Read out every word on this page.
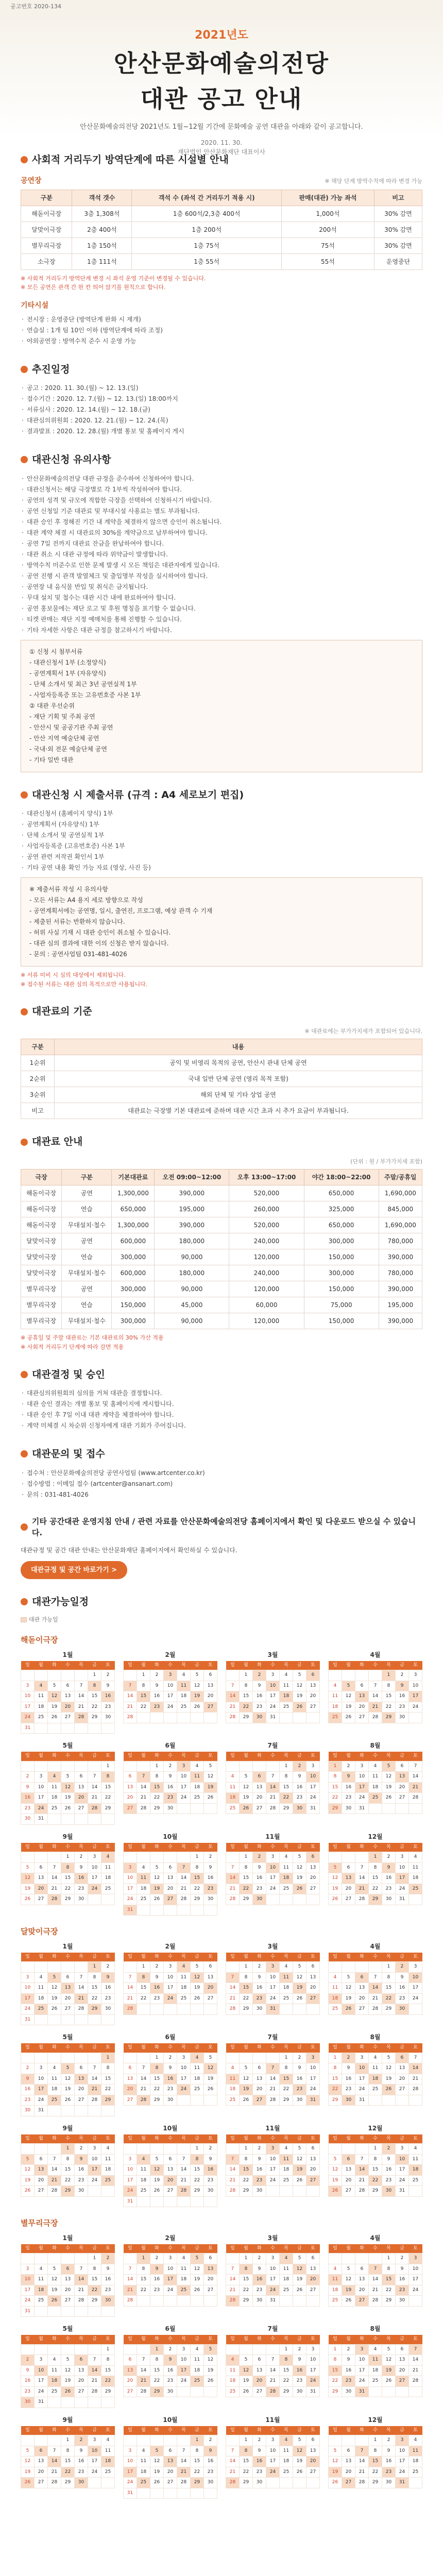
공고번호 2020-134
2021년도
안산문화예술의전당
대관 공고 안내
안산문화예술의전당 2021년도 1월~12월 기간에 문화예술 공연 대관을 아래와 같이 공고합니다.
2020. 11. 30.
재단법인 안산문화재단 대표이사
사회적 거리두기 방역단계에 따른 시설별 안내
공연장	※ 해당 단계 방역수칙에 따라 변경 가능
구분	객석 갯수	객석 수 (좌석 간 거리두기 적용 시)	판매(대관) 가능 좌석	비고
해돋이극장	3층 1,308석	1층 600석/2,3층 400석	1,000석	30% 감면
달맞이극장	2층 400석	1층 200석	200석	30% 감면
별무리극장	1층 150석	1층 75석	75석	30% 감면
소극장	1층 111석	1층 55석	55석	운영중단
※ 사회적 거리두기 방역단계 변경 시 좌석 운영 기준이 변경될 수 있습니다.
※ 모든 공연은 관객 간 한 칸 띄어 앉기를 원칙으로 합니다.
기타시설
· 전시장 : 운영중단 (방역단계 완화 시 재개)
· 연습실 : 1개 팀 10인 이하 (방역단계에 따라 조정)
· 야외공연장 : 방역수칙 준수 시 운영 가능
추진일정
· 공고 : 2020. 11. 30.(월) ~ 12. 13.(일)
· 접수기간 : 2020. 12. 7.(월) ~ 12. 13.(일) 18:00까지
· 서류심사 : 2020. 12. 14.(월) ~ 12. 18.(금)
· 대관심의위원회 : 2020. 12. 21.(월) ~ 12. 24.(목)
· 결과발표 : 2020. 12. 28.(월) 개별 통보 및 홈페이지 게시
대관신청 유의사항
· 안산문화예술의전당 대관 규정을 준수하여 신청하여야 합니다.
· 대관신청서는 해당 극장별로 각 1부씩 작성하여야 합니다.
· 공연의 성격 및 규모에 적합한 극장을 선택하여 신청하시기 바랍니다.
· 공연 신청일 기준 대관료 및 부대시설 사용료는 별도 부과됩니다.
· 대관 승인 후 정해진 기간 내 계약을 체결하지 않으면 승인이 취소됩니다.
· 대관 계약 체결 시 대관료의 30%를 계약금으로 납부하여야 합니다.
· 공연 7일 전까지 대관료 잔금을 완납하여야 합니다.
· 대관 취소 시 대관 규정에 따라 위약금이 발생합니다.
· 방역수칙 미준수로 인한 문제 발생 시 모든 책임은 대관자에게 있습니다.
· 공연 진행 시 관객 발열체크 및 출입명부 작성을 실시하여야 합니다.
· 공연장 내 음식물 반입 및 취식은 금지됩니다.
· 무대 설치 및 철수는 대관 시간 내에 완료하여야 합니다.
· 공연 홍보물에는 재단 로고 및 후원 명칭을 표기할 수 없습니다.
· 티켓 판매는 재단 지정 예매처를 통해 진행할 수 있습니다.
· 기타 자세한 사항은 대관 규정을 참고하시기 바랍니다.
① 신청 시 첨부서류
- 대관신청서 1부 (소정양식)
- 공연계획서 1부 (자유양식)
- 단체 소개서 및 최근 3년 공연실적 1부
- 사업자등록증 또는 고유번호증 사본 1부
② 대관 우선순위
- 재단 기획 및 주최 공연
- 안산시 및 공공기관 주최 공연
- 안산 지역 예술단체 공연
- 국내·외 전문 예술단체 공연
- 기타 일반 대관
대관신청 시 제출서류 (규격 : A4 세로보기 편집)
· 대관신청서 (홈페이지 양식) 1부
· 공연계획서 (자유양식) 1부
· 단체 소개서 및 공연실적 1부
· 사업자등록증 (고유번호증) 사본 1부
· 공연 관련 저작권 확인서 1부
· 기타 공연 내용 확인 가능 자료 (영상, 사진 등)
※ 제출서류 작성 시 유의사항
- 모든 서류는 A4 용지 세로 방향으로 작성
- 공연계획서에는 공연명, 일시, 출연진, 프로그램, 예상 관객 수 기재
- 제출된 서류는 반환하지 않습니다.
- 허위 사실 기재 시 대관 승인이 취소될 수 있습니다.
- 대관 심의 결과에 대한 이의 신청은 받지 않습니다.
- 문의 : 공연사업팀 031-481-4026
※ 서류 미비 시 심의 대상에서 제외됩니다.
※ 접수된 서류는 대관 심의 목적으로만 사용됩니다.
대관료의 기준
※ 대관료에는 부가가치세가 포함되어 있습니다.
구분	내용
1순위	공익 및 비영리 목적의 공연, 안산시 관내 단체 공연
2순위	국내 일반 단체 공연 (영리 목적 포함)
3순위	해외 단체 및 기타 상업 공연
비고	대관료는 극장별 기본 대관료에 준하며 대관 시간 초과 시 추가 요금이 부과됩니다.
대관료 안내
(단위 : 원 / 부가가치세 포함)
극장	구분	기본대관료	오전 09:00~12:00	오후 13:00~17:00	야간 18:00~22:00	주말/공휴일
해돋이극장	공연	1,300,000	390,000	520,000	650,000	1,690,000
해돋이극장	연습	650,000	195,000	260,000	325,000	845,000
해돋이극장	무대설치·철수	1,300,000	390,000	520,000	650,000	1,690,000
달맞이극장	공연	600,000	180,000	240,000	300,000	780,000
달맞이극장	연습	300,000	90,000	120,000	150,000	390,000
달맞이극장	무대설치·철수	600,000	180,000	240,000	300,000	780,000
별무리극장	공연	300,000	90,000	120,000	150,000	390,000
별무리극장	연습	150,000	45,000	60,000	75,000	195,000
별무리극장	무대설치·철수	300,000	90,000	120,000	150,000	390,000
※ 공휴일 및 주말 대관료는 기본 대관료의 30% 가산 적용
※ 사회적 거리두기 단계에 따라 감면 적용
대관결정 및 승인
· 대관심의위원회의 심의를 거쳐 대관을 결정합니다.
· 대관 승인 결과는 개별 통보 및 홈페이지에 게시합니다.
· 대관 승인 후 7일 이내 대관 계약을 체결하여야 합니다.
· 계약 미체결 시 차순위 신청자에게 대관 기회가 주어집니다.
대관문의 및 접수
· 접수처 : 안산문화예술의전당 공연사업팀 (www.artcenter.co.kr)
· 접수방법 : 이메일 접수 (artcenter@ansanart.com)
· 문의 : 031-481-4026
기타 공간대관 운영지침 안내 / 관련 자료를 안산문화예술의전당 홈페이지에서 확인 및 다운로드 받으실 수 있습니다.
대관규정 및 공간 대관 안내는 안산문화재단 홈페이지에서 확인하실 수 있습니다.
대관규정 및 공간 바로가기 >
대관가능일정
대관 가능일
해돋이극장
1월
일	월	화	수	목	금	토
					1	2
3	4	5	6	7	8	9
10	11	12	13	14	15	16
17	18	19	20	21	22	23
24	25	26	27	28	29	30
31						
2월
일	월	화	수	목	금	토
	1	2	3	4	5	6
7	8	9	10	11	12	13
14	15	16	17	18	19	20
21	22	23	24	25	26	27
28						
3월
일	월	화	수	목	금	토
	1	2	3	4	5	6
7	8	9	10	11	12	13
14	15	16	17	18	19	20
21	22	23	24	25	26	27
28	29	30	31			
4월
일	월	화	수	목	금	토
				1	2	3
4	5	6	7	8	9	10
11	12	13	14	15	16	17
18	19	20	21	22	23	24
25	26	27	28	29	30	
5월
일	월	화	수	목	금	토
						1
2	3	4	5	6	7	8
9	10	11	12	13	14	15
16	17	18	19	20	21	22
23	24	25	26	27	28	29
30	31					
6월
일	월	화	수	목	금	토
		1	2	3	4	5
6	7	8	9	10	11	12
13	14	15	16	17	18	19
20	21	22	23	24	25	26
27	28	29	30			
7월
일	월	화	수	목	금	토
				1	2	3
4	5	6	7	8	9	10
11	12	13	14	15	16	17
18	19	20	21	22	23	24
25	26	27	28	29	30	31
8월
일	월	화	수	목	금	토
1	2	3	4	5	6	7
8	9	10	11	12	13	14
15	16	17	18	19	20	21
22	23	24	25	26	27	28
29	30	31				
9월
일	월	화	수	목	금	토
			1	2	3	4
5	6	7	8	9	10	11
12	13	14	15	16	17	18
19	20	21	22	23	24	25
26	27	28	29	30		
10월
일	월	화	수	목	금	토
					1	2
3	4	5	6	7	8	9
10	11	12	13	14	15	16
17	18	19	20	21	22	23
24	25	26	27	28	29	30
31						
11월
일	월	화	수	목	금	토
	1	2	3	4	5	6
7	8	9	10	11	12	13
14	15	16	17	18	19	20
21	22	23	24	25	26	27
28	29	30				
12월
일	월	화	수	목	금	토
			1	2	3	4
5	6	7	8	9	10	11
12	13	14	15	16	17	18
19	20	21	22	23	24	25
26	27	28	29	30	31	
달맞이극장
1월
일	월	화	수	목	금	토
					1	2
3	4	5	6	7	8	9
10	11	12	13	14	15	16
17	18	19	20	21	22	23
24	25	26	27	28	29	30
31						
2월
일	월	화	수	목	금	토
	1	2	3	4	5	6
7	8	9	10	11	12	13
14	15	16	17	18	19	20
21	22	23	24	25	26	27
28						
3월
일	월	화	수	목	금	토
	1	2	3	4	5	6
7	8	9	10	11	12	13
14	15	16	17	18	19	20
21	22	23	24	25	26	27
28	29	30	31			
4월
일	월	화	수	목	금	토
				1	2	3
4	5	6	7	8	9	10
11	12	13	14	15	16	17
18	19	20	21	22	23	24
25	26	27	28	29	30	
5월
일	월	화	수	목	금	토
						1
2	3	4	5	6	7	8
9	10	11	12	13	14	15
16	17	18	19	20	21	22
23	24	25	26	27	28	29
30	31					
6월
일	월	화	수	목	금	토
		1	2	3	4	5
6	7	8	9	10	11	12
13	14	15	16	17	18	19
20	21	22	23	24	25	26
27	28	29	30			
7월
일	월	화	수	목	금	토
				1	2	3
4	5	6	7	8	9	10
11	12	13	14	15	16	17
18	19	20	21	22	23	24
25	26	27	28	29	30	31
8월
일	월	화	수	목	금	토
1	2	3	4	5	6	7
8	9	10	11	12	13	14
15	16	17	18	19	20	21
22	23	24	25	26	27	28
29	30	31				
9월
일	월	화	수	목	금	토
			1	2	3	4
5	6	7	8	9	10	11
12	13	14	15	16	17	18
19	20	21	22	23	24	25
26	27	28	29	30		
10월
일	월	화	수	목	금	토
					1	2
3	4	5	6	7	8	9
10	11	12	13	14	15	16
17	18	19	20	21	22	23
24	25	26	27	28	29	30
31						
11월
일	월	화	수	목	금	토
	1	2	3	4	5	6
7	8	9	10	11	12	13
14	15	16	17	18	19	20
21	22	23	24	25	26	27
28	29	30				
12월
일	월	화	수	목	금	토
			1	2	3	4
5	6	7	8	9	10	11
12	13	14	15	16	17	18
19	20	21	22	23	24	25
26	27	28	29	30	31	
별무리극장
1월
일	월	화	수	목	금	토
					1	2
3	4	5	6	7	8	9
10	11	12	13	14	15	16
17	18	19	20	21	22	23
24	25	26	27	28	29	30
31						
2월
일	월	화	수	목	금	토
	1	2	3	4	5	6
7	8	9	10	11	12	13
14	15	16	17	18	19	20
21	22	23	24	25	26	27
28						
3월
일	월	화	수	목	금	토
	1	2	3	4	5	6
7	8	9	10	11	12	13
14	15	16	17	18	19	20
21	22	23	24	25	26	27
28	29	30	31			
4월
일	월	화	수	목	금	토
				1	2	3
4	5	6	7	8	9	10
11	12	13	14	15	16	17
18	19	20	21	22	23	24
25	26	27	28	29	30	
5월
일	월	화	수	목	금	토
						1
2	3	4	5	6	7	8
9	10	11	12	13	14	15
16	17	18	19	20	21	22
23	24	25	26	27	28	29
30	31					
6월
일	월	화	수	목	금	토
		1	2	3	4	5
6	7	8	9	10	11	12
13	14	15	16	17	18	19
20	21	22	23	24	25	26
27	28	29	30			
7월
일	월	화	수	목	금	토
				1	2	3
4	5	6	7	8	9	10
11	12	13	14	15	16	17
18	19	20	21	22	23	24
25	26	27	28	29	30	31
8월
일	월	화	수	목	금	토
1	2	3	4	5	6	7
8	9	10	11	12	13	14
15	16	17	18	19	20	21
22	23	24	25	26	27	28
29	30	31				
9월
일	월	화	수	목	금	토
			1	2	3	4
5	6	7	8	9	10	11
12	13	14	15	16	17	18
19	20	21	22	23	24	25
26	27	28	29	30		
10월
일	월	화	수	목	금	토
					1	2
3	4	5	6	7	8	9
10	11	12	13	14	15	16
17	18	19	20	21	22	23
24	25	26	27	28	29	30
31						
11월
일	월	화	수	목	금	토
	1	2	3	4	5	6
7	8	9	10	11	12	13
14	15	16	17	18	19	20
21	22	23	24	25	26	27
28	29	30				
12월
일	월	화	수	목	금	토
			1	2	3	4
5	6	7	8	9	10	11
12	13	14	15	16	17	18
19	20	21	22	23	24	25
26	27	28	29	30	31	
